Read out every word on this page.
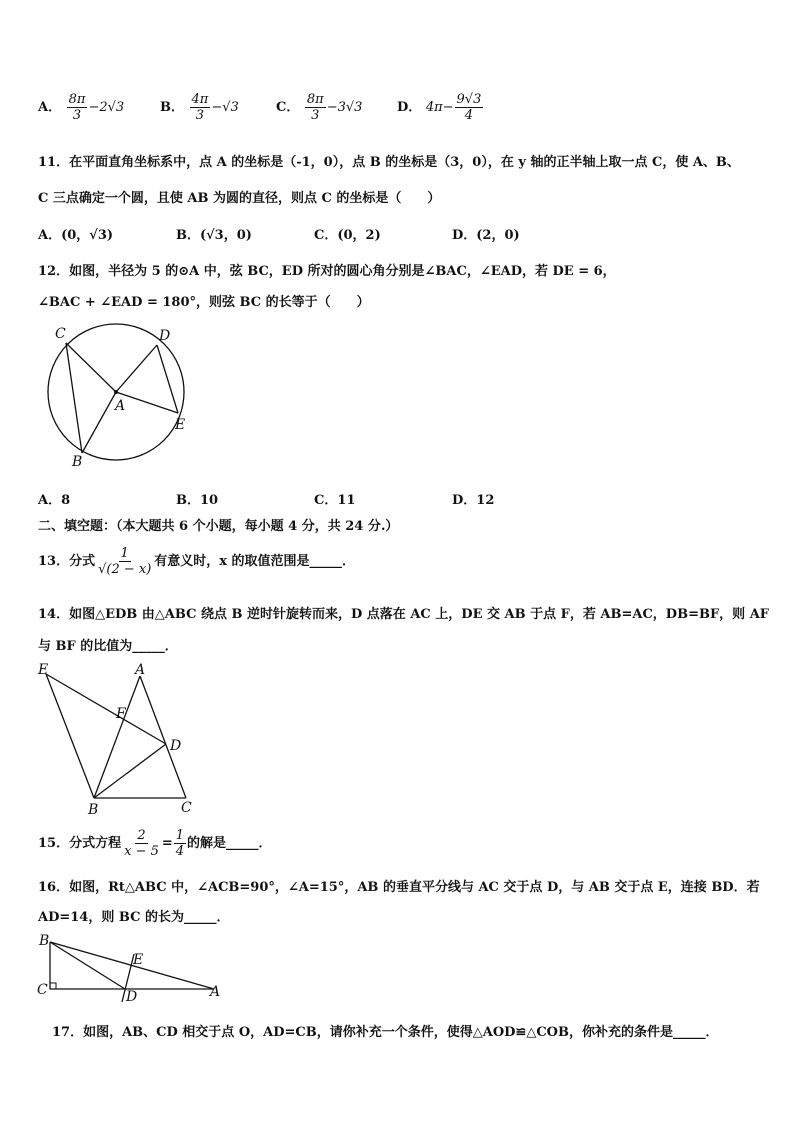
A． $\frac{8\pi}{3} -2√3$	B． $\frac{4\pi}{3} -√3$	C． $\frac{8\pi}{3} -3√3$	D． $4\pi- \frac{9√3}{4}$
11．在平面直角坐标系中，点 A 的坐标是（-1，0），点 B 的坐标是（3，0），在 y 轴的正半轴上取一点 C，使 A、B、
C 三点确定一个圆，且使 AB 为圆的直径，则点 C 的坐标是（　　）
A．(0，√3)	B．(√3，0)	C．(0，2)	D．(2，0)
12．如图，半径为 5 的⊙A 中，弦 BC，ED 所对的圆心角分别是∠BAC，∠EAD，若 DE = 6，
∠BAC + ∠EAD = 180°，则弦 BC 的长等于（　　）
C	D
A
E
B
A．8	B．10	C．11	D．12
二、填空题：（本大题共 6 个小题，每小题 4 分，共 24 分.）
13．分式 $\frac{1}{√(2 - x)}$ 有意义时，x 的取值范围是_____．
14．如图△EDB 由△ABC 绕点 B 逆时针旋转而来，D 点落在 AC 上，DE 交 AB 于点 F，若 AB=AC，DB=BF，则 AF
与 BF 的比值为_____．
E	A
F
D
B	C
15．分式方程 $\frac{2}{x - 5} = \frac{1}{4}$ 的解是_____．
16．如图，Rt△ABC 中，∠ACB=90°，∠A=15°，AB 的垂直平分线与 AC 交于点 D，与 AB 交于点 E，连接 BD．若
AD=14，则 BC 的长为_____．
B
E
C	D	A
17．如图，AB、CD 相交于点 O，AD=CB，请你补充一个条件，使得△AOD≌△COB，你补充的条件是_____．
